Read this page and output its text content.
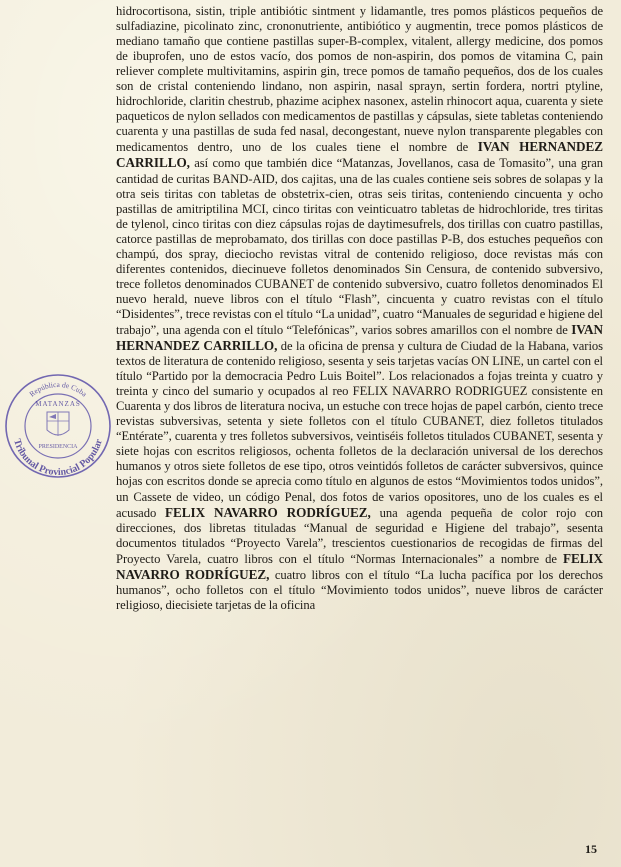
República de Cuba
Tribunal Provincial Popular
MATANZAS
PRESIDENCIA

hidrocortisona, sistin, triple antibiótic sintment y lidamantle, tres pomos plásticos pequeños de sulfadiazine, picolinato zinc, crononutriente, antibiótico y augmentin, trece pomos plásticos de mediano tamaño que contiene pastillas super-B-complex, vitalent, allergy medicine, dos pomos de ibuprofen, uno de estos vacío, dos pomos de non-aspirin, dos pomos de vitamina C, pain reliever complete multivitamins, aspirin gin, trece pomos de tamaño pequeños, dos de los cuales son de cristal conteniendo lindano, non aspirin, nasal sprayn, sertin fordera, nortri ptyline, hidrochloride, claritin chestrub, phazime aciphex nasonex, astelin rhinocort aqua, cuarenta y siete paqueticos de nylon sellados con medicamentos de pastillas y cápsulas, siete tabletas conteniendo cuarenta y una pastillas de suda fed nasal, decongestant, nueve nylon transparente plegables con medicamentos dentro, uno de los cuales tiene el nombre de IVAN HERNANDEZ CARRILLO, así como que también dice “Matanzas, Jovellanos, casa de Tomasito”, una gran cantidad de curitas BAND-AID, dos cajitas, una de las cuales contiene seis sobres de solapas y la otra seis tiritas con tabletas de obstetrix-cien, otras seis tiritas, conteniendo cincuenta y ocho pastillas de amitriptilina MCI, cinco tiritas con veinticuatro tabletas de hidrochloride, tres tiritas de tylenol, cinco tiritas con diez cápsulas rojas de daytimesufrels, dos tirillas con cuatro pastillas, catorce pastillas de meprobamato, dos tirillas con doce pastillas P-B, dos estuches pequeños con champú, dos spray, dieciocho revistas vitral de contenido religioso, doce revistas más con diferentes contenidos, diecinueve folletos denominados Sin Censura, de contenido subversivo, trece folletos denominados CUBANET de contenido subversivo, cuatro folletos denominados El nuevo herald, nueve libros con el título “Flash”, cincuenta y cuatro revistas con el título “Disidentes”, trece revistas con el título “La unidad”, cuatro “Manuales de seguridad e higiene del trabajo”, una agenda con el título “Telefónicas”, varios sobres amarillos con el nombre de IVAN HERNANDEZ CARRILLO, de la oficina de prensa y cultura de Ciudad de la Habana, varios textos de literatura de contenido religioso, sesenta y seis tarjetas vacías ON LINE, un cartel con el título “Partido por la democracia Pedro Luis Boitel”. Los relacionados a fojas treinta y cuatro y treinta y cinco del sumario y ocupados al reo FELIX NAVARRO RODRIGUEZ consistente en Cuarenta y dos libros de literatura nociva, un estuche con trece hojas de papel carbón, ciento trece revistas subversivas, setenta y siete folletos con el título CUBANET, diez folletos titulados “Entérate”, cuarenta y tres folletos subversivos, veintiséis folletos titulados CUBANET, sesenta y siete hojas con escritos religiosos, ochenta folletos de la declaración universal de los derechos humanos y otros siete folletos de ese tipo, otros veintidós folletos de carácter subversivos, quince hojas con escritos donde se aprecia como título en algunos de estos “Movimientos todos unidos”, un Cassete de video, un código Penal, dos fotos de varios opositores, uno de los cuales es el acusado FELIX NAVARRO RODRÍGUEZ, una agenda pequeña de color rojo con direcciones, dos libretas tituladas “Manual de seguridad e Higiene del trabajo”, sesenta documentos titulados “Proyecto Varela”, trescientos cuestionarios de recogidas de firmas del Proyecto Varela, cuatro libros con el título “Normas Internacionales” a nombre de FELIX NAVARRO RODRÍGUEZ, cuatro libros con el título “La lucha pacífica por los derechos humanos”, ocho folletos con el título “Movimiento todos unidos”, nueve libros de carácter religioso, diecisiete tarjetas de la oficina

15
